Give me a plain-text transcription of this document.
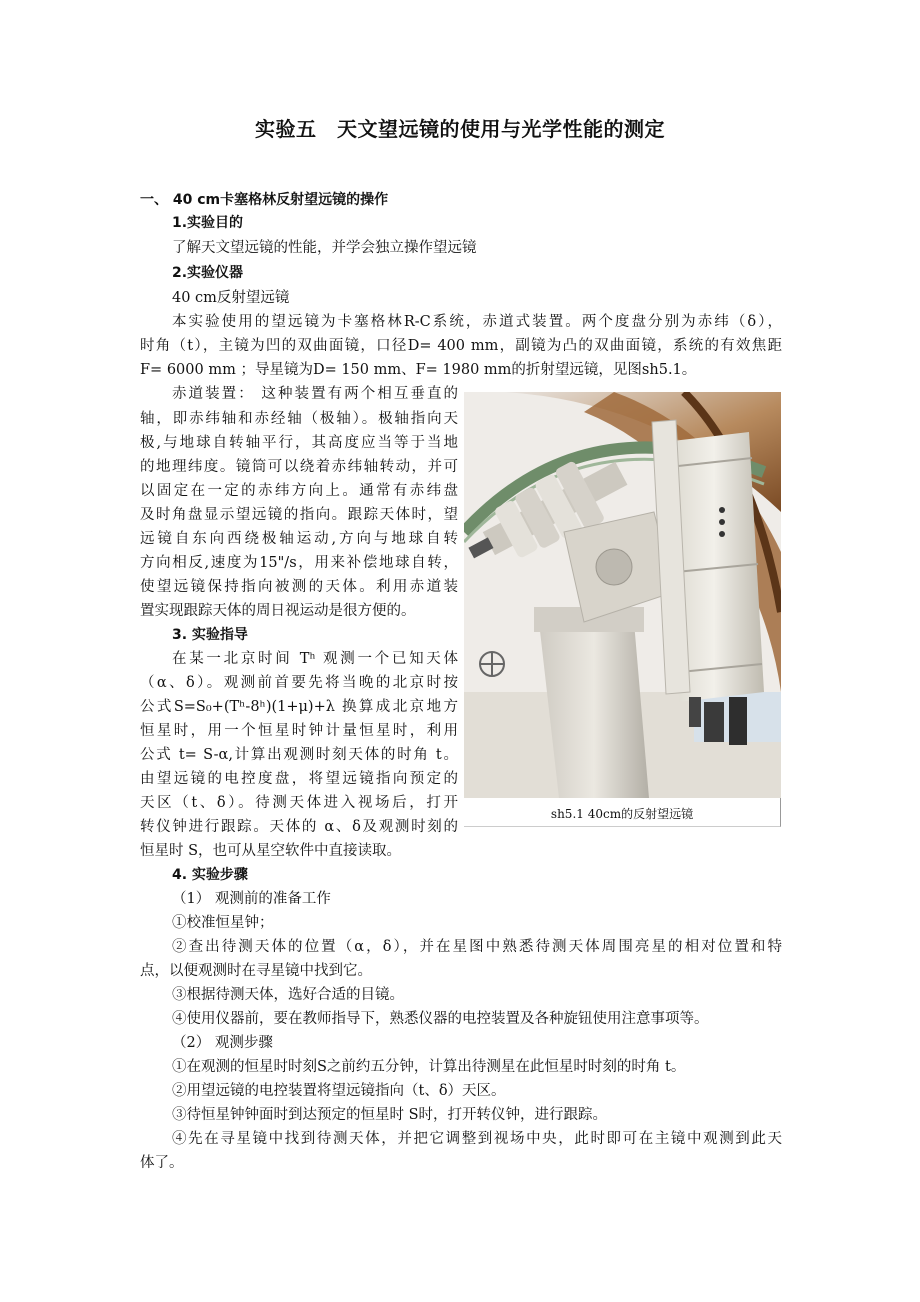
实验五　天文望远镜的使用与光学性能的测定
一、 40 cm卡塞格林反射望远镜的操作
1.实验目的
了解天文望远镜的性能，并学会独立操作望远镜
2.实验仪器
40 cm反射望远镜
本实验使用的望远镜为卡塞格林R-C系统，赤道式装置。两个度盘分别为赤纬（δ），
时角（t），主镜为凹的双曲面镜，口径D= 400 mm，副镜为凸的双曲面镜，系统的有效焦距
F= 6000 mm ；导星镜为D= 150 mm、F= 1980 mm的折射望远镜，见图sh5.1。
赤道装置： 这种装置有两个相互垂直的
轴，即赤纬轴和赤经轴（极轴）。极轴指向天
极,与地球自转轴平行，其高度应当等于当地
的地理纬度。镜筒可以绕着赤纬轴转动，并可
以固定在一定的赤纬方向上。通常有赤纬盘
及时角盘显示望远镜的指向。跟踪天体时，望
远镜自东向西绕极轴运动,方向与地球自转
方向相反,速度为15"/s，用来补偿地球自转，
使望远镜保持指向被测的天体。利用赤道装
置实现跟踪天体的周日视运动是很方便的。
3. 实验指导
在某一北京时间 Tʰ 观测一个已知天体
（α、δ）。观测前首要先将当晚的北京时按
公式S=S₀+(Tʰ-8ʰ)(1+μ)+λ 换算成北京地方
恒星时，用一个恒星时钟计量恒星时，利用
公式 t= S-α,计算出观测时刻天体的时角 t。
由望远镜的电控度盘，将望远镜指向预定的
天区（t、δ）。待测天体进入视场后，打开
转仪钟进行跟踪。天体的 α、δ及观测时刻的
恒星时 S，也可从星空软件中直接读取。
4. 实验步骤
（1） 观测前的准备工作
①校准恒星钟；
②查出待测天体的位置（α，δ），并在星图中熟悉待测天体周围亮星的相对位置和特
点，以便观测时在寻星镜中找到它。
③根据待测天体，选好合适的目镜。
④使用仪器前，要在教师指导下，熟悉仪器的电控装置及各种旋钮使用注意事项等。
（2） 观测步骤
①在观测的恒星时时刻S之前约五分钟，计算出待测星在此恒星时时刻的时角 t。
②用望远镜的电控装置将望远镜指向（t、δ）天区。
③待恒星钟钟面时到达预定的恒星时 S时，打开转仪钟，进行跟踪。
④先在寻星镜中找到待测天体，并把它调整到视场中央，此时即可在主镜中观测到此天
体了。
sh5.1 40cm的反射望远镜
